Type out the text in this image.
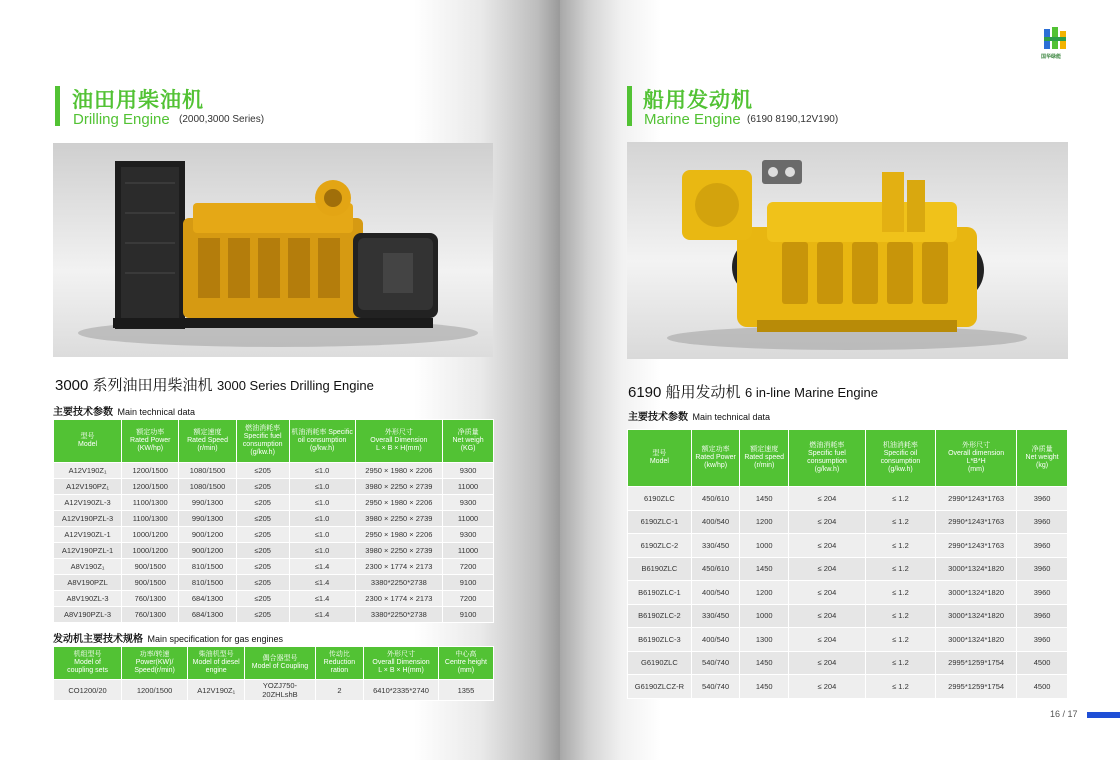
油田用柴油机
Drilling Engine (2000,3000 Series)
3000 系列油田用柴油机 3000 Series Drilling Engine
主要技术参数 Main technical data
型号
Model	额定功率
Rated Power
(KW/hp)	额定速度
Rated Speed
(r/min)	燃油消耗率
Specific fuel
consumption
(g/kw.h)	机油消耗率 Specific
oil consumption
(g/kw.h)	外形尺寸
Overall Dimension
L × B × H(mm)	净质量
Net weigh
(KG)
A12V190Z₁	1200/1500	1080/1500	≤205	≤1.0	2950 × 1980 × 2206	9300
A12V190PZ₁	1200/1500	1080/1500	≤205	≤1.0	3980 × 2250 × 2739	11000
A12V190ZL-3	1100/1300	990/1300	≤205	≤1.0	2950 × 1980 × 2206	9300
A12V190PZL-3	1100/1300	990/1300	≤205	≤1.0	3980 × 2250 × 2739	11000
A12V190ZL-1	1000/1200	900/1200	≤205	≤1.0	2950 × 1980 × 2206	9300
A12V190PZL-1	1000/1200	900/1200	≤205	≤1.0	3980 × 2250 × 2739	11000
A8V190Z₁	900/1500	810/1500	≤205	≤1.4	2300 × 1774 × 2173	7200
A8V190PZL	900/1500	810/1500	≤205	≤1.4	3380*2250*2738	9100
A8V190ZL-3	760/1300	684/1300	≤205	≤1.4	2300 × 1774 × 2173	7200
A8V190PZL-3	760/1300	684/1300	≤205	≤1.4	3380*2250*2738	9100
发动机主要技术规格 Main specification for gas engines
机组型号
Model of
coupling sets	功率/转速
Power(KW)/
Speed(r/min)	柴油机型号
Model of diesel
engine	偶合器型号
Model of Coupling	传动比
Reduction
ration	外形尺寸
Overall Dimension
L × B × H(mm)	中心高
Centre height
(mm)
CO1200/20	1200/1500	A12V190Z₁	YOZJ750-
20ZHLshB	2	6410*2335*2740	1355
国华绿能
船用发动机
Marine Engine (6190 8190,12V190)
6190 船用发动机 6 in-line Marine Engine
主要技术参数 Main technical data
型号
Model	额定功率
Rated Power
(kw/hp)	额定速度
Rated speed
(r/min)	燃油消耗率
Specific fuel
consumption
(g/kw.h)	机油消耗率
Specific oil
consumption
(g/kw.h)	外形尺寸
Overall dimension
L*B*H
(mm)	净质量
Net weight
(kg)
6190ZLC	450/610	1450	≤ 204	≤ 1.2	2990*1243*1763	3960
6190ZLC-1	400/540	1200	≤ 204	≤ 1.2	2990*1243*1763	3960
6190ZLC-2	330/450	1000	≤ 204	≤ 1.2	2990*1243*1763	3960
B6190ZLC	450/610	1450	≤ 204	≤ 1.2	3000*1324*1820	3960
B6190ZLC-1	400/540	1200	≤ 204	≤ 1.2	3000*1324*1820	3960
B6190ZLC-2	330/450	1000	≤ 204	≤ 1.2	3000*1324*1820	3960
B6190ZLC-3	400/540	1300	≤ 204	≤ 1.2	3000*1324*1820	3960
G6190ZLC	540/740	1450	≤ 204	≤ 1.2	2995*1259*1754	4500
G6190ZLCZ-R	540/740	1450	≤ 204	≤ 1.2	2995*1259*1754	4500
16 / 17
